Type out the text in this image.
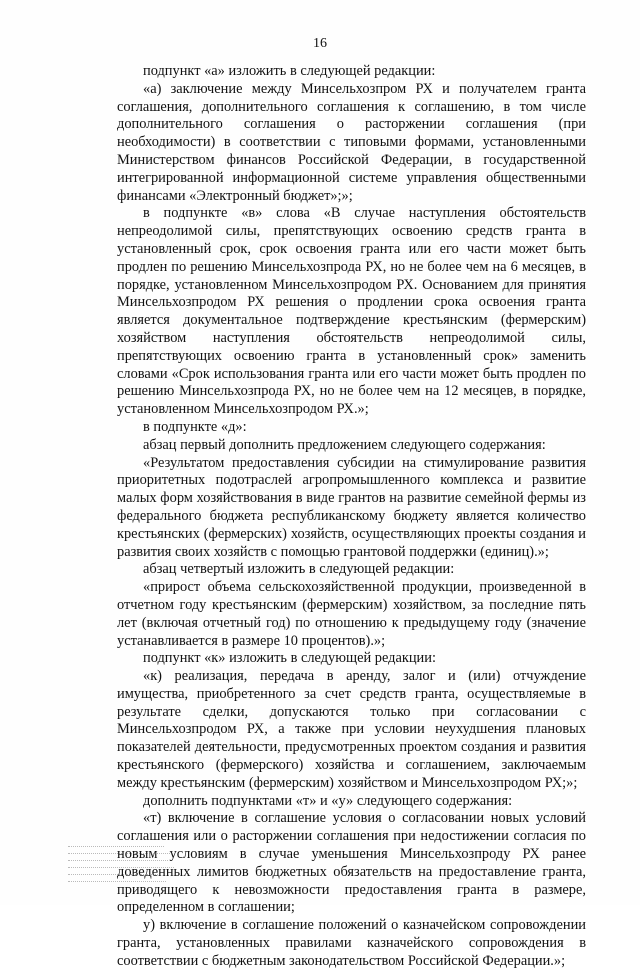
16

подпункт «а» изложить в следующей редакции:

«а) заключение между Минсельхозпром РХ и получателем гранта соглашения, дополнительного соглашения к соглашению, в том числе дополнительного соглашения о расторжении соглашения (при необходимости) в соответствии с типовыми формами, установленными Министерством финансов Российской Федерации, в государственной интегрированной информационной системе управления общественными финансами «Электронный бюджет»;»;

в подпункте «в» слова «В случае наступления обстоятельств непреодолимой силы, препятствующих освоению средств гранта в установленный срок, срок освоения гранта или его части может быть продлен по решению Минсельхозпрода РХ, но не более чем на 6 месяцев, в порядке, установленном Минсельхозпродом РХ. Основанием для принятия Минсельхозпродом РХ решения о продлении срока освоения гранта является документальное подтверждение крестьянским (фермерским) хозяйством наступления обстоятельств непреодолимой силы, препятствующих освоению гранта в установленный срок» заменить словами «Срок использования гранта или его части может быть продлен по решению Минсельхозпрода РХ, но не более чем на 12 месяцев, в порядке, установленном Минсельхозпродом РХ.»;

в подпункте «д»:

абзац первый дополнить предложением следующего содержания:

«Результатом предоставления субсидии на стимулирование развития приоритетных подотраслей агропромышленного комплекса и развитие малых форм хозяйствования в виде грантов на развитие семейной фермы из федерального бюджета республиканскому бюджету является количество крестьянских (фермерских) хозяйств, осуществляющих проекты создания и развития своих хозяйств с помощью грантовой поддержки (единиц).»;

абзац четвертый изложить в следующей редакции:

«прирост объема сельскохозяйственной продукции, произведенной в отчетном году крестьянским (фермерским) хозяйством, за последние пять лет (включая отчетный год) по отношению к предыдущему году (значение устанавливается в размере 10 процентов).»;

подпункт «к» изложить в следующей редакции:

«к) реализация, передача в аренду, залог и (или) отчуждение имущества, приобретенного за счет средств гранта, осуществляемые в результате сделки, допускаются только при согласовании с Минсельхозпродом РХ, а также при условии неухудшения плановых показателей деятельности, предусмотренных проектом создания и развития крестьянского (фермерского) хозяйства и соглашением, заключаемым между крестьянским (фермерским) хозяйством и Минсельхозпродом РХ;»;

дополнить подпунктами «т» и «у» следующего содержания:

«т) включение в соглашение условия о согласовании новых условий соглашения или о расторжении соглашения при недостижении согласия по новым условиям в случае уменьшения Минсельхозпроду РХ ранее доведенных лимитов бюджетных обязательств на предоставление гранта, приводящего к невозможности предоставления гранта в размере, определенном в соглашении;

у) включение в соглашение положений о казначейском сопровождении гранта, установленных правилами казначейского сопровождения в соответствии с бюджетным законодательством Российской Федерации.»;
